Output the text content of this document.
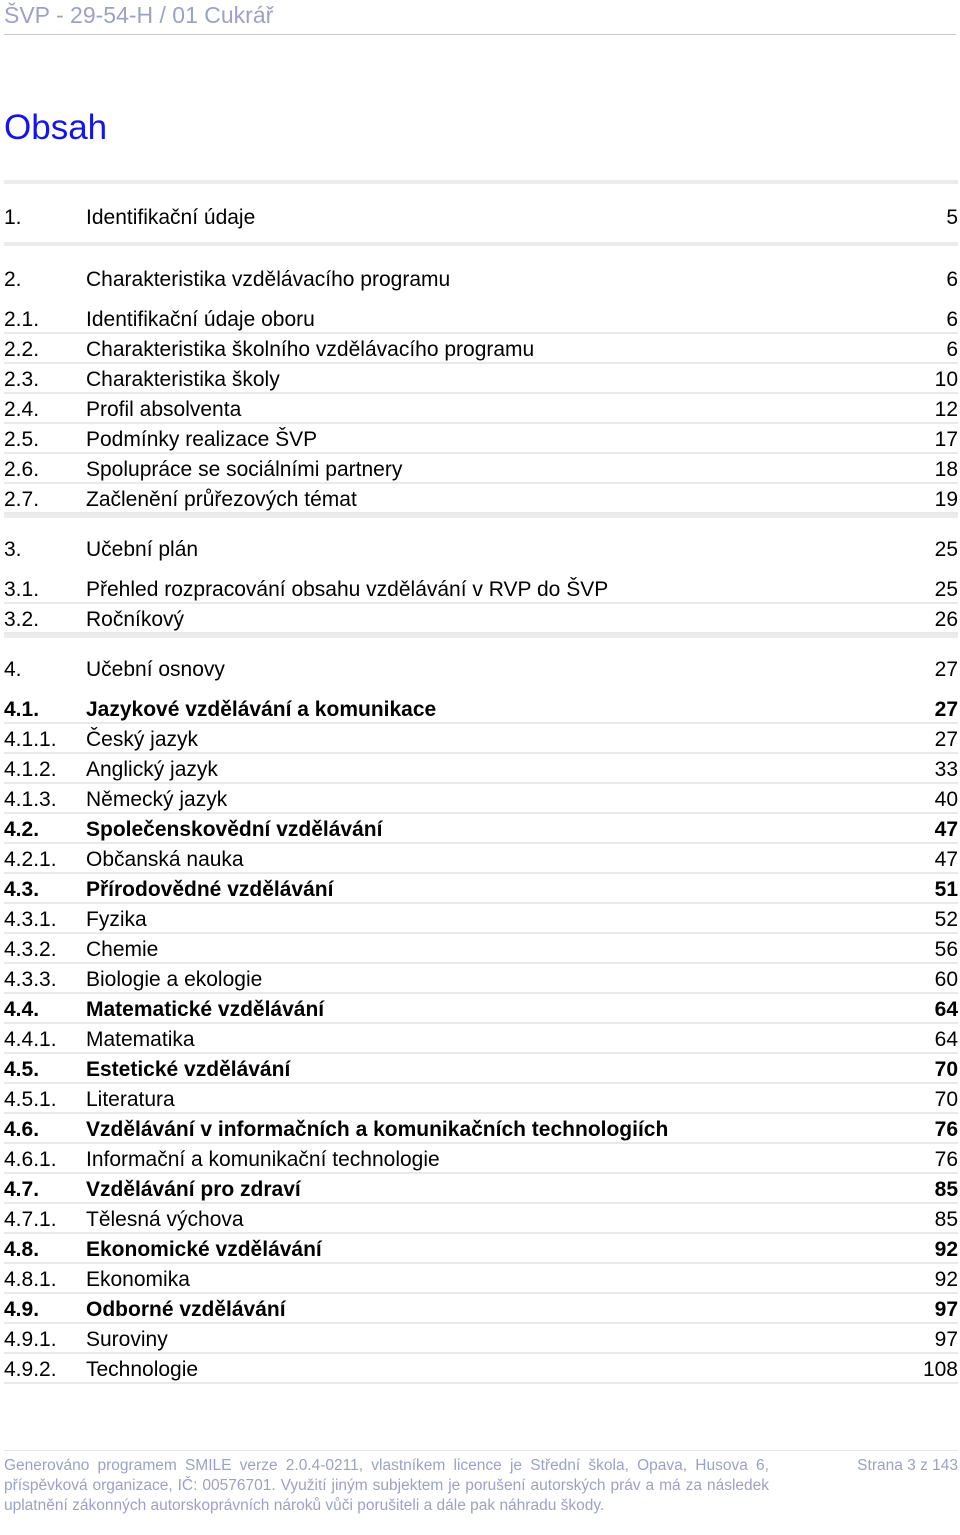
ŠVP - 29-54-H / 01 Cukrář
Obsah
1.	Identifikační údaje	5
2.	Charakteristika vzdělávacího programu	6
2.1.	Identifikační údaje oboru	6
2.2.	Charakteristika školního vzdělávacího programu	6
2.3.	Charakteristika školy	10
2.4.	Profil absolventa	12
2.5.	Podmínky realizace ŠVP	17
2.6.	Spolupráce se sociálními partnery	18
2.7.	Začlenění průřezových témat	19
3.	Učební plán	25
3.1.	Přehled rozpracování obsahu vzdělávání v RVP do ŠVP	25
3.2.	Ročníkový	26
4.	Učební osnovy	27
4.1.	Jazykové vzdělávání a komunikace	27
4.1.1.	Český jazyk	27
4.1.2.	Anglický jazyk	33
4.1.3.	Německý jazyk	40
4.2.	Společenskovědní vzdělávání	47
4.2.1.	Občanská nauka	47
4.3.	Přírodovědné vzdělávání	51
4.3.1.	Fyzika	52
4.3.2.	Chemie	56
4.3.3.	Biologie a ekologie	60
4.4.	Matematické vzdělávání	64
4.4.1.	Matematika	64
4.5.	Estetické vzdělávání	70
4.5.1.	Literatura	70
4.6.	Vzdělávání v informačních a komunikačních technologiích	76
4.6.1.	Informační a komunikační technologie	76
4.7.	Vzdělávání pro zdraví	85
4.7.1.	Tělesná výchova	85
4.8.	Ekonomické vzdělávání	92
4.8.1.	Ekonomika	92
4.9.	Odborné vzdělávání	97
4.9.1.	Suroviny	97
4.9.2.	Technologie	108
Generováno programem SMILE verze 2.0.4-0211, vlastníkem licence je Střední škola, Opava, Husova 6, příspěvková organizace, IČ: 00576701. Využití jiným subjektem je porušení autorských práv a má za následek uplatnění zákonných autorskoprávních nároků vůči porušiteli a dále pak náhradu škody.
Strana 3 z 143
